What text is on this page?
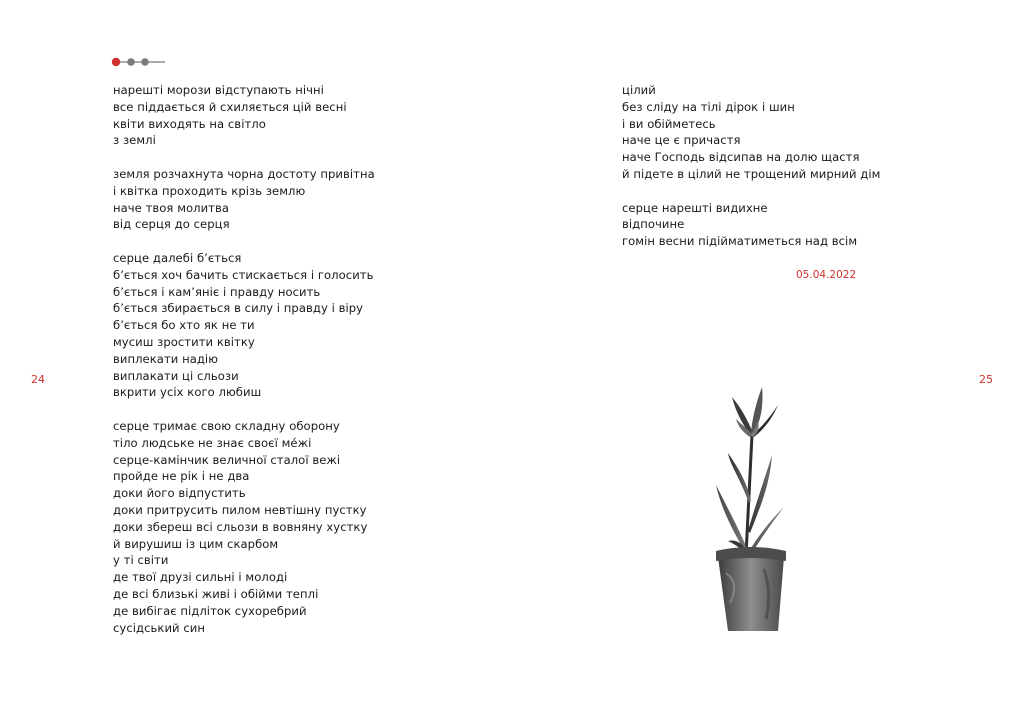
нарешті морози відступають нічні
все піддається й схиляється цій весні
квіти виходять на світло
з землі
земля розчахнута чорна достоту привітна
і квітка проходить крізь землю
наче твоя молитва
від серця до серця
серце далебі б’ється
б’ється хоч бачить стискається і голосить
б’ється і кам’яніє і правду носить
б’ється збирається в силу і правду і віру
б’ється бо хто як не ти
мусиш зростити квітку
виплекати надію
виплакати ці сльози
вкрити усіх кого любиш
серце тримає свою складну оборону
тіло людське не знає своєї ме́жі
серце-камінчик величної сталої вежі
пройде не рік і не два
доки його відпустить
доки притрусить пилом невтішну пустку
доки збереш всі сльози в вовняну хустку
й вирушиш із цим скарбом
у ті світи
де твої друзі сильні і молоді
де всі близькі живі і обійми теплі
де вибігає підліток сухоребрий
сусідський син
цілий
без сліду на тілі дірок і шин
і ви обійметесь
наче це є причастя
наче Господь відсипав на долю щастя
й підете в цілий не трощений мирний дім
серце нарешті видихне
відпочине
гомін весни підійматиметься над всім
24	25
05.04.2022
